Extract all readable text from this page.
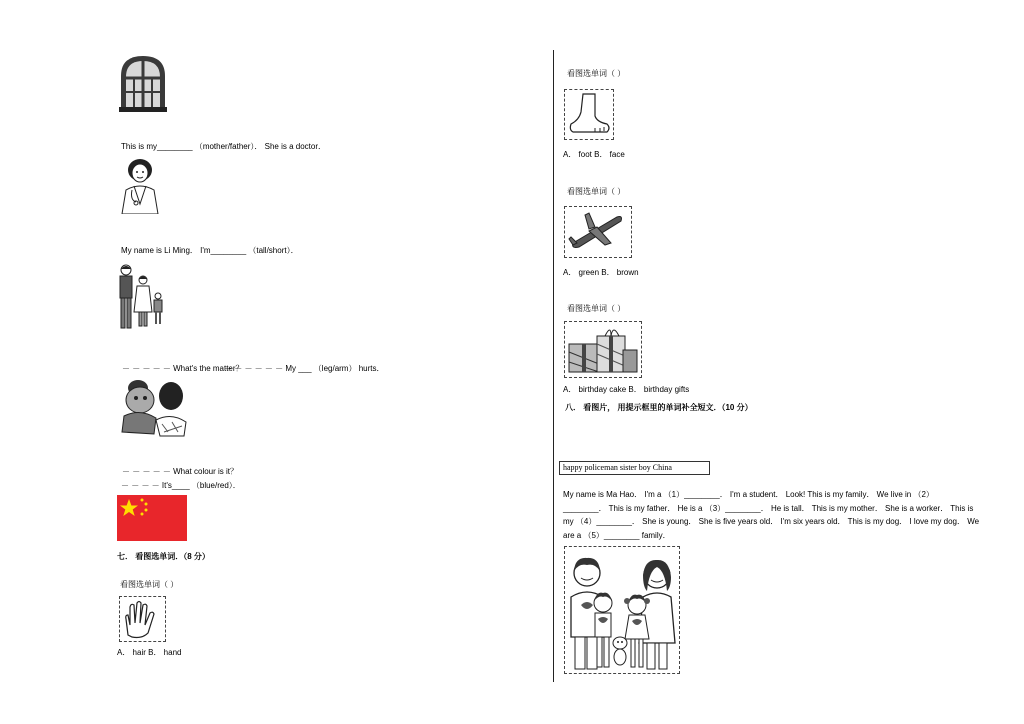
This is my________ （mother/father）． She is a doctor．
My name is Li Ming． I'm________ （tall/short）．
－ － － － － What's the matter？
－ － － － － － My ___ （leg/arm） hurts．
－ － － － － What colour is it？
－ － － － It's____ （blue/red）．
七． 看图选单词．（8 分）
看图选单词（ ）
A． hair B． hand
看图选单词（ ）
A． foot B． face
看图选单词（ ）
A． green B． brown
看图选单词（ ）
A． birthday cake B． birthday gifts
八． 看图片， 用提示框里的单词补全短文．（10 分）
happy policeman sister boy China

My name is Ma Hao． I'm a （1）________． I'm a student． Look! This is my family． We live in （2）

________． This is my father． He is a （3）________． He is tall． This is my mother． She is a worker． This is

my （4）________． She is young． She is five years old． I'm six years old． This is my dog． I love my dog． We

are a （5）________ family．
